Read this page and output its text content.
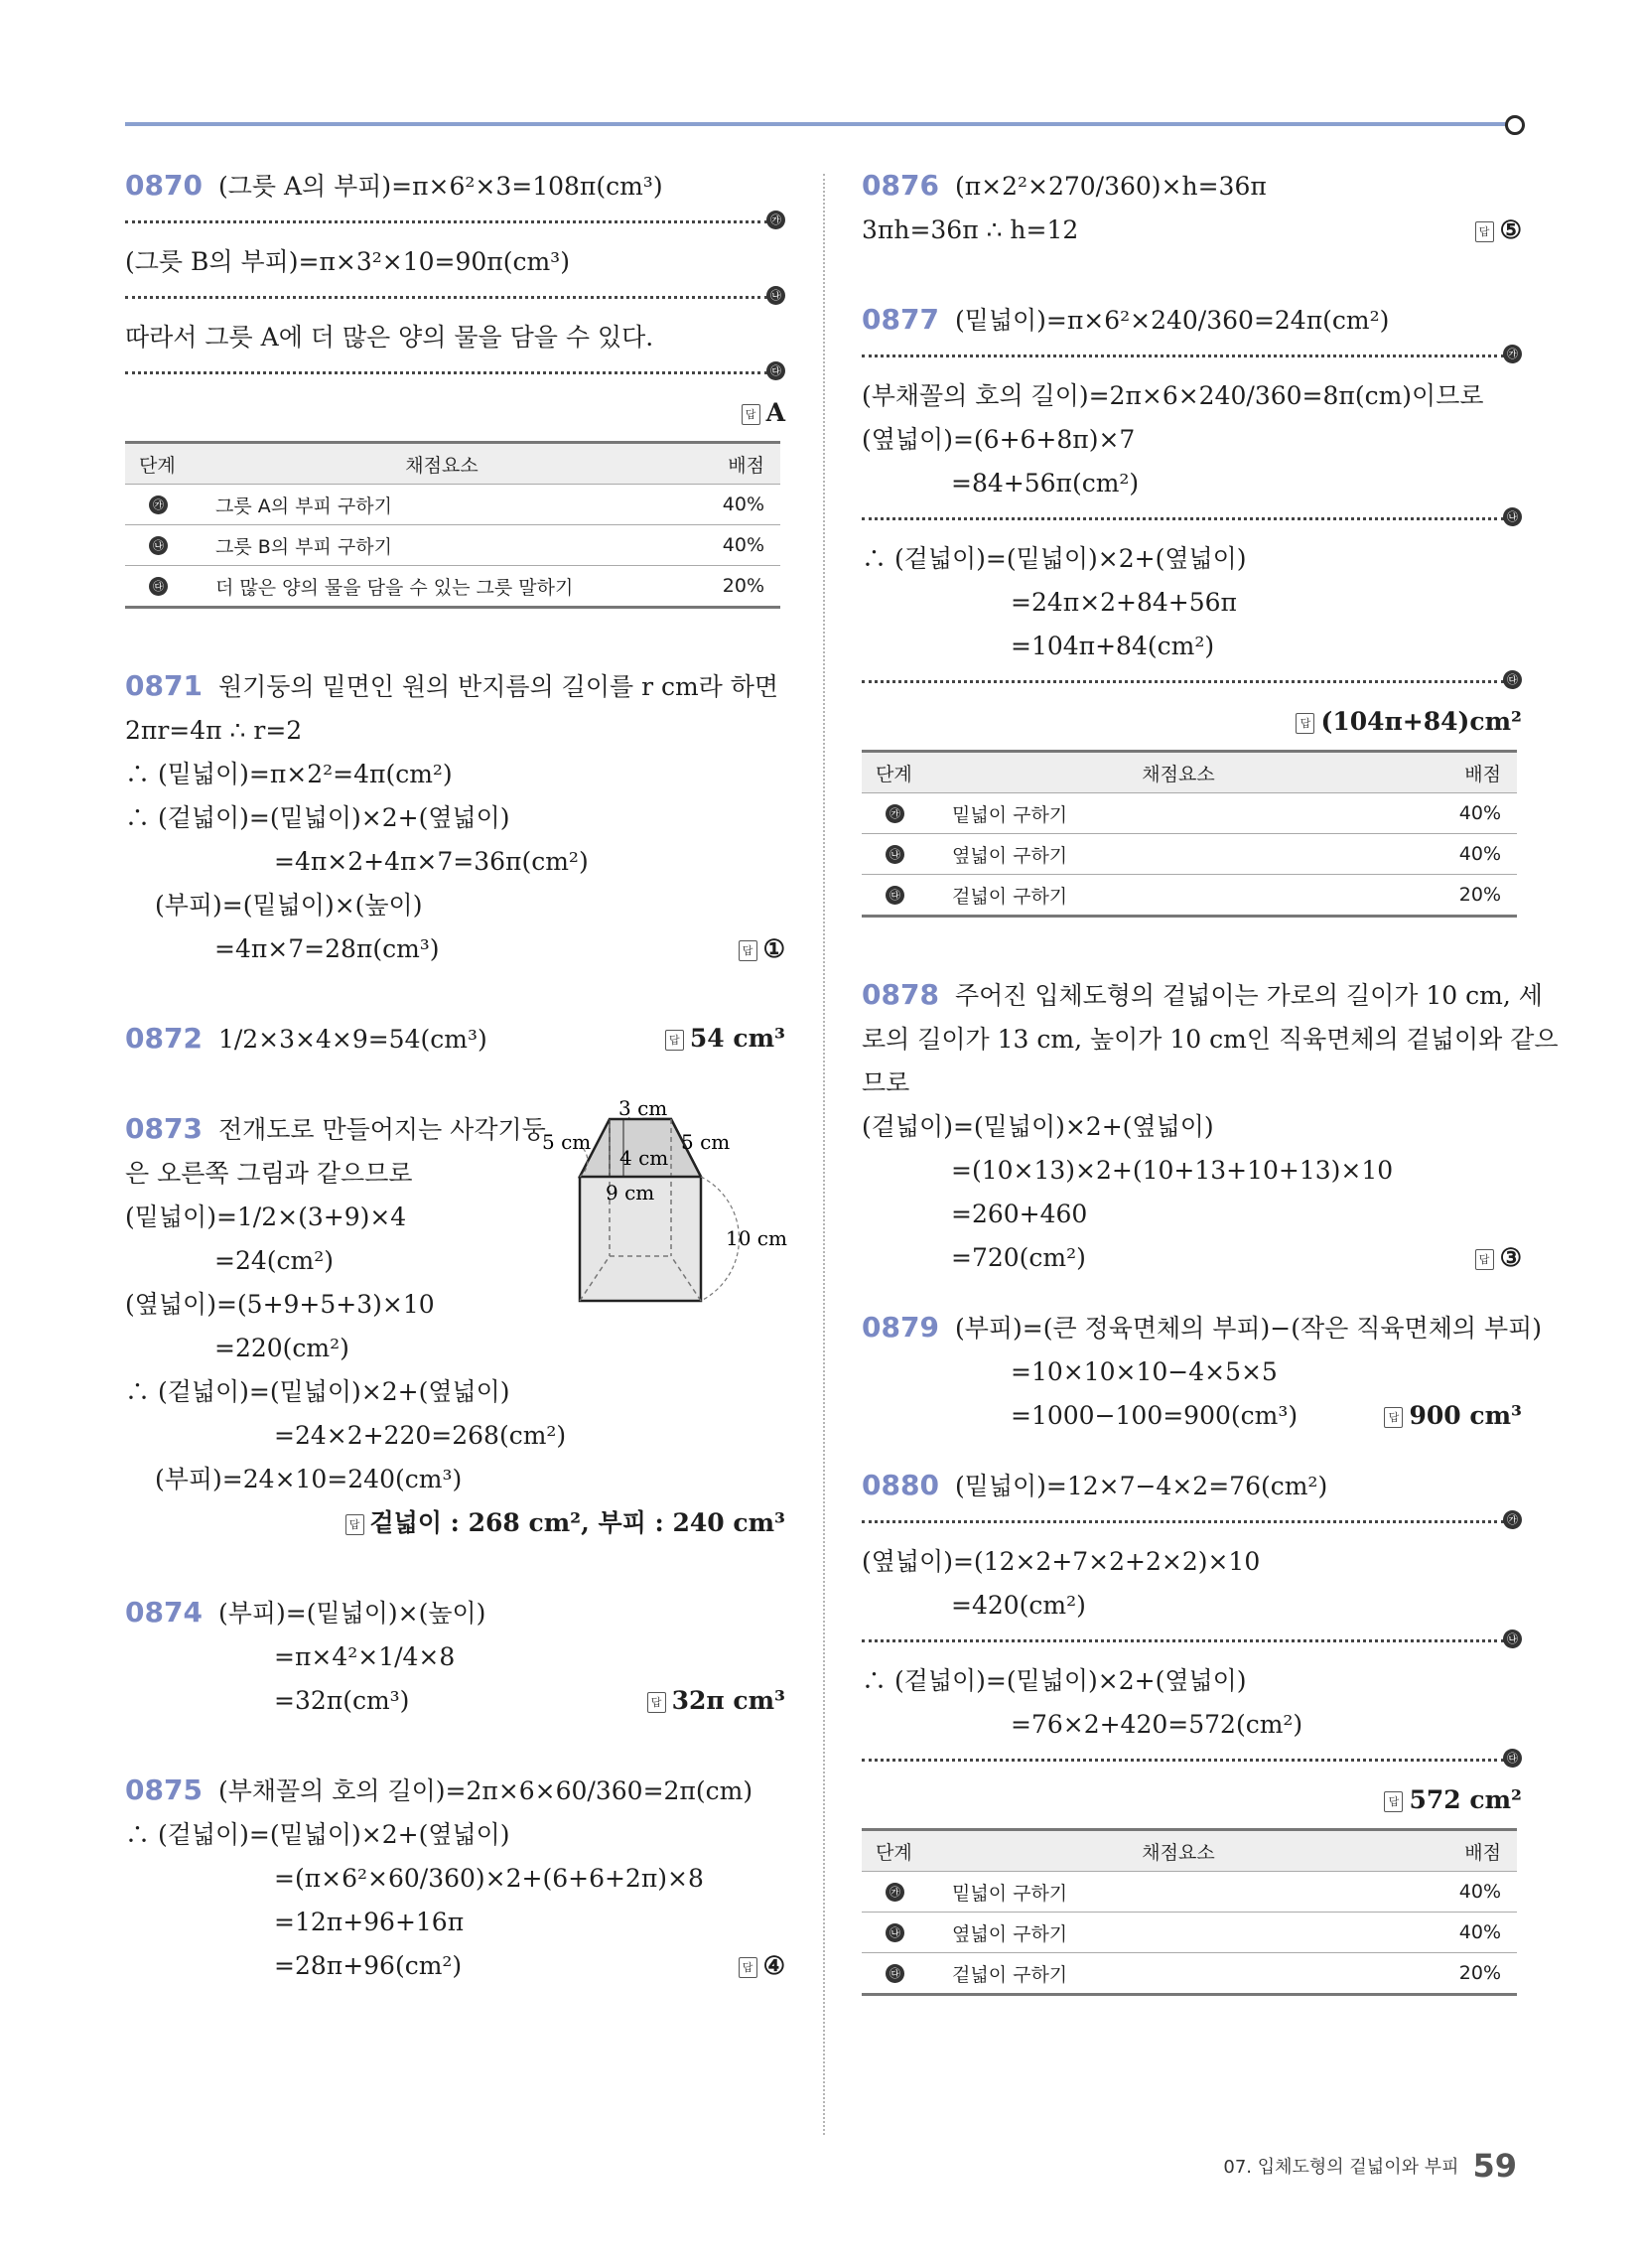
0870 (그릇 A의 부피)=π×6²×3=108π(cm³)
㉮
(그릇 B의 부피)=π×3²×10=90π(cm³)
㉯
따라서 그릇 A에 더 많은 양의 물을 담을 수 있다.
㉰
답 A
단계	채점요소	배점
㉮	그릇 A의 부피 구하기	40%
㉯	그릇 B의 부피 구하기	40%
㉰	더 많은 양의 물을 담을 수 있는 그릇 말하기	20%
0871 원기둥의 밑면인 원의 반지름의 길이를 r cm라 하면
2πr=4π ∴ r=2
∴ (밑넓이)=π×2²=4π(cm²)
∴ (겉넓이)=(밑넓이)×2+(옆넓이)
=4π×2+4π×7=36π(cm²)
(부피)=(밑넓이)×(높이)
=4π×7=28π(cm³)	답 ①
0872 1/2×3×4×9=54(cm³)	답 54 cm³
3 cm
5 cm	5 cm
4 cm
9 cm
10 cm
0873 전개도로 만들어지는 사각기둥
은 오른쪽 그림과 같으므로
(밑넓이)=1/2×(3+9)×4
=24(cm²)
(옆넓이)=(5+9+5+3)×10
=220(cm²)
∴ (겉넓이)=(밑넓이)×2+(옆넓이)
=24×2+220=268(cm²)
(부피)=24×10=240(cm³)
답 겉넓이 : 268 cm², 부피 : 240 cm³
0874 (부피)=(밑넓이)×(높이)
=π×4²×1/4×8
=32π(cm³)	답 32π cm³
0875 (부채꼴의 호의 길이)=2π×6×60/360=2π(cm)
∴ (겉넓이)=(밑넓이)×2+(옆넓이)
=(π×6²×60/360)×2+(6+6+2π)×8
=12π+96+16π
=28π+96(cm²)	답 ④
0876 (π×2²×270/360)×h=36π
3πh=36π ∴ h=12	답 ⑤
0877 (밑넓이)=π×6²×240/360=24π(cm²)
㉮
(부채꼴의 호의 길이)=2π×6×240/360=8π(cm)이므로
(옆넓이)=(6+6+8π)×7
=84+56π(cm²)
㉯
∴ (겉넓이)=(밑넓이)×2+(옆넓이)
=24π×2+84+56π
=104π+84(cm²)
㉰
답 (104π+84)cm²
단계	채점요소	배점
㉮	밑넓이 구하기	40%
㉯	옆넓이 구하기	40%
㉰	겉넓이 구하기	20%
0878 주어진 입체도형의 겉넓이는 가로의 길이가 10 cm, 세
로의 길이가 13 cm, 높이가 10 cm인 직육면체의 겉넓이와 같으
므로
(겉넓이)=(밑넓이)×2+(옆넓이)
=(10×13)×2+(10+13+10+13)×10
=260+460
=720(cm²)	답 ③
0879 (부피)=(큰 정육면체의 부피)−(작은 직육면체의 부피)
=10×10×10−4×5×5
=1000−100=900(cm³)	답 900 cm³
0880 (밑넓이)=12×7−4×2=76(cm²)
㉮
(옆넓이)=(12×2+7×2+2×2)×10
=420(cm²)
㉯
∴ (겉넓이)=(밑넓이)×2+(옆넓이)
=76×2+420=572(cm²)
㉰
답 572 cm²
단계	채점요소	배점
㉮	밑넓이 구하기	40%
㉯	옆넓이 구하기	40%
㉰	겉넓이 구하기	20%
07. 입체도형의 겉넓이와 부피 59
